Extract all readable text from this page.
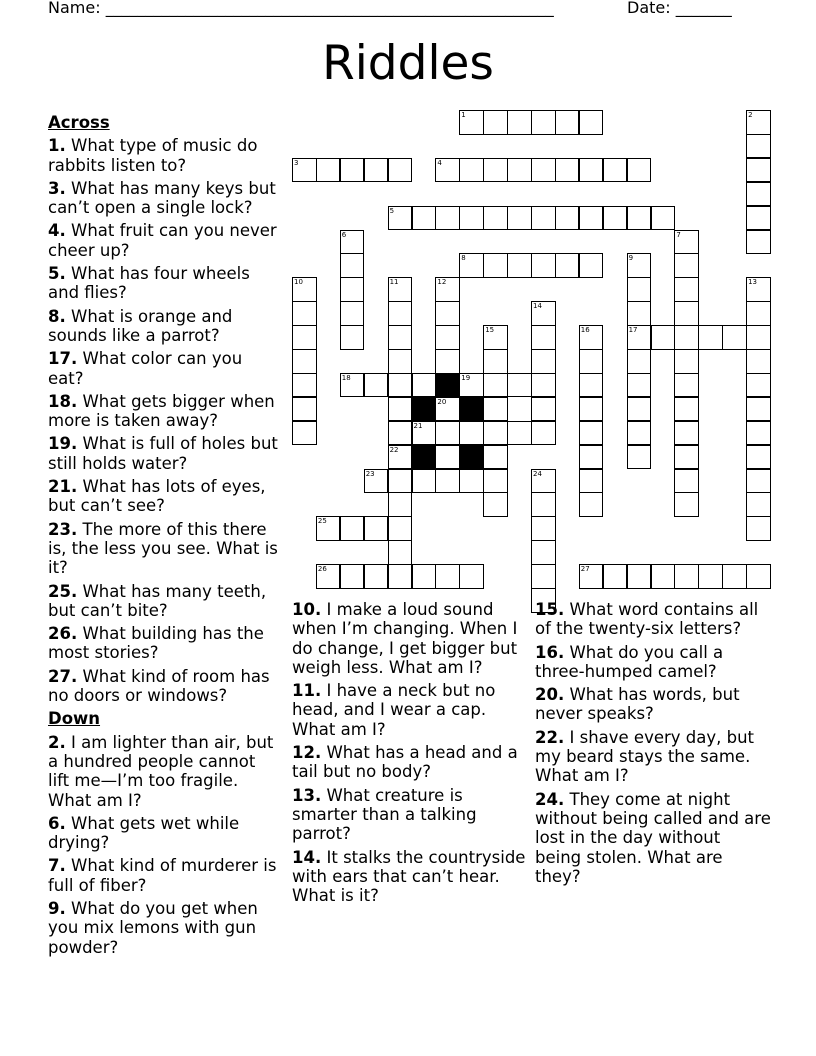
Name: ________________________________________________________	Date: _______
Riddles
1	2
3	4
5
6	7
8	9
17
10	11
22
12
20
13
14
15	16
18	19
21
23	24
25
26	27
Across
1. What type of music do rabbits listen to?
3. What has many keys but can’t open a single lock?
4. What fruit can you never cheer up?
5. What has four wheels and flies?
8. What is orange and sounds like a parrot?
17. What color can you eat?
18. What gets bigger when more is taken away?
19. What is full of holes but still holds water?
21. What has lots of eyes, but can’t see?
23. The more of this there is, the less you see. What is it?
25. What has many teeth, but can’t bite?
26. What building has the most stories?
27. What kind of room has no doors or windows?
Down
2. I am lighter than air, but a hundred people cannot lift me—I’m too fragile. What am I?
6. What gets wet while drying?
7. What kind of murderer is full of fiber?
9. What do you get when you mix lemons with gun powder?
10. I make a loud sound when I’m changing. When I do change, I get bigger but weigh less. What am I?
11. I have a neck but no head, and I wear a cap. What am I?
12. What has a head and a tail but no body?
13. What creature is smarter than a talking parrot?
14. It stalks the countryside with ears that can’t hear. What is it?
15. What word contains all of the twenty-six letters?
16. What do you call a three-humped camel?
20. What has words, but never speaks?
22. I shave every day, but my beard stays the same. What am I?
24. They come at night without being called and are lost in the day without being stolen. What are they?
